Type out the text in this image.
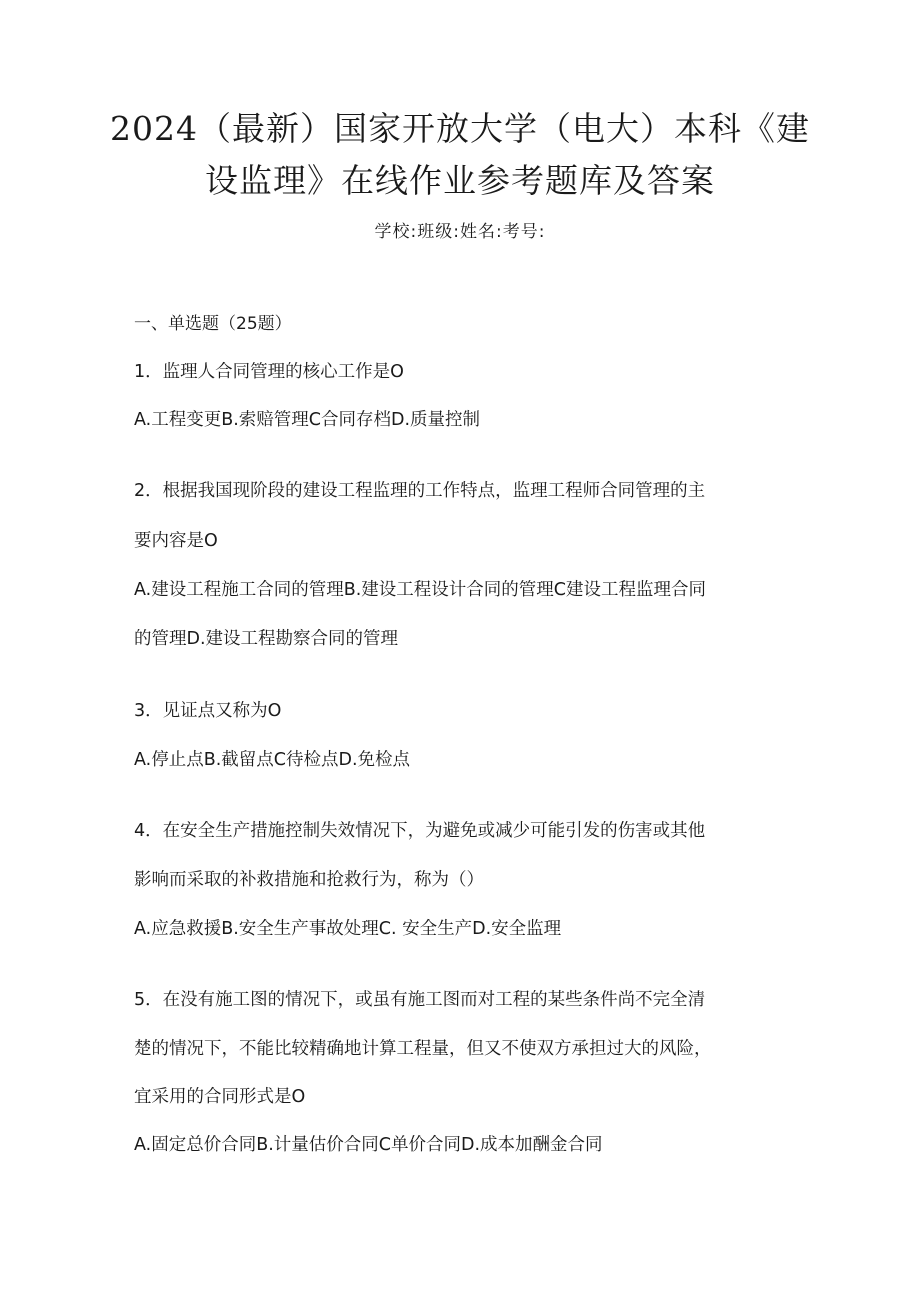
2024（最新）国家开放大学（电大）本科《建
设监理》在线作业参考题库及答案
学校:班级:姓名:考号:
一、单选题（25题）
1．监理人合同管理的核心工作是O
A.工程变更B.索赔管理C合同存档D.质量控制
2．根据我国现阶段的建设工程监理的工作特点，监理工程师合同管理的主
要内容是O
A.建设工程施工合同的管理B.建设工程设计合同的管理C建设工程监理合同
的管理D.建设工程勘察合同的管理
3．见证点又称为O
A.停止点B.截留点C待检点D.免检点
4．在安全生产措施控制失效情况下，为避免或减少可能引发的伤害或其他
影响而采取的补救措施和抢救行为，称为（）
A.应急救援B.安全生产事故处理C. 安全生产D.安全监理
5．在没有施工图的情况下，或虽有施工图而对工程的某些条件尚不完全清
楚的情况下，不能比较精确地计算工程量，但又不使双方承担过大的风险，
宜采用的合同形式是O
A.固定总价合同B.计量估价合同C单价合同D.成本加酬金合同
